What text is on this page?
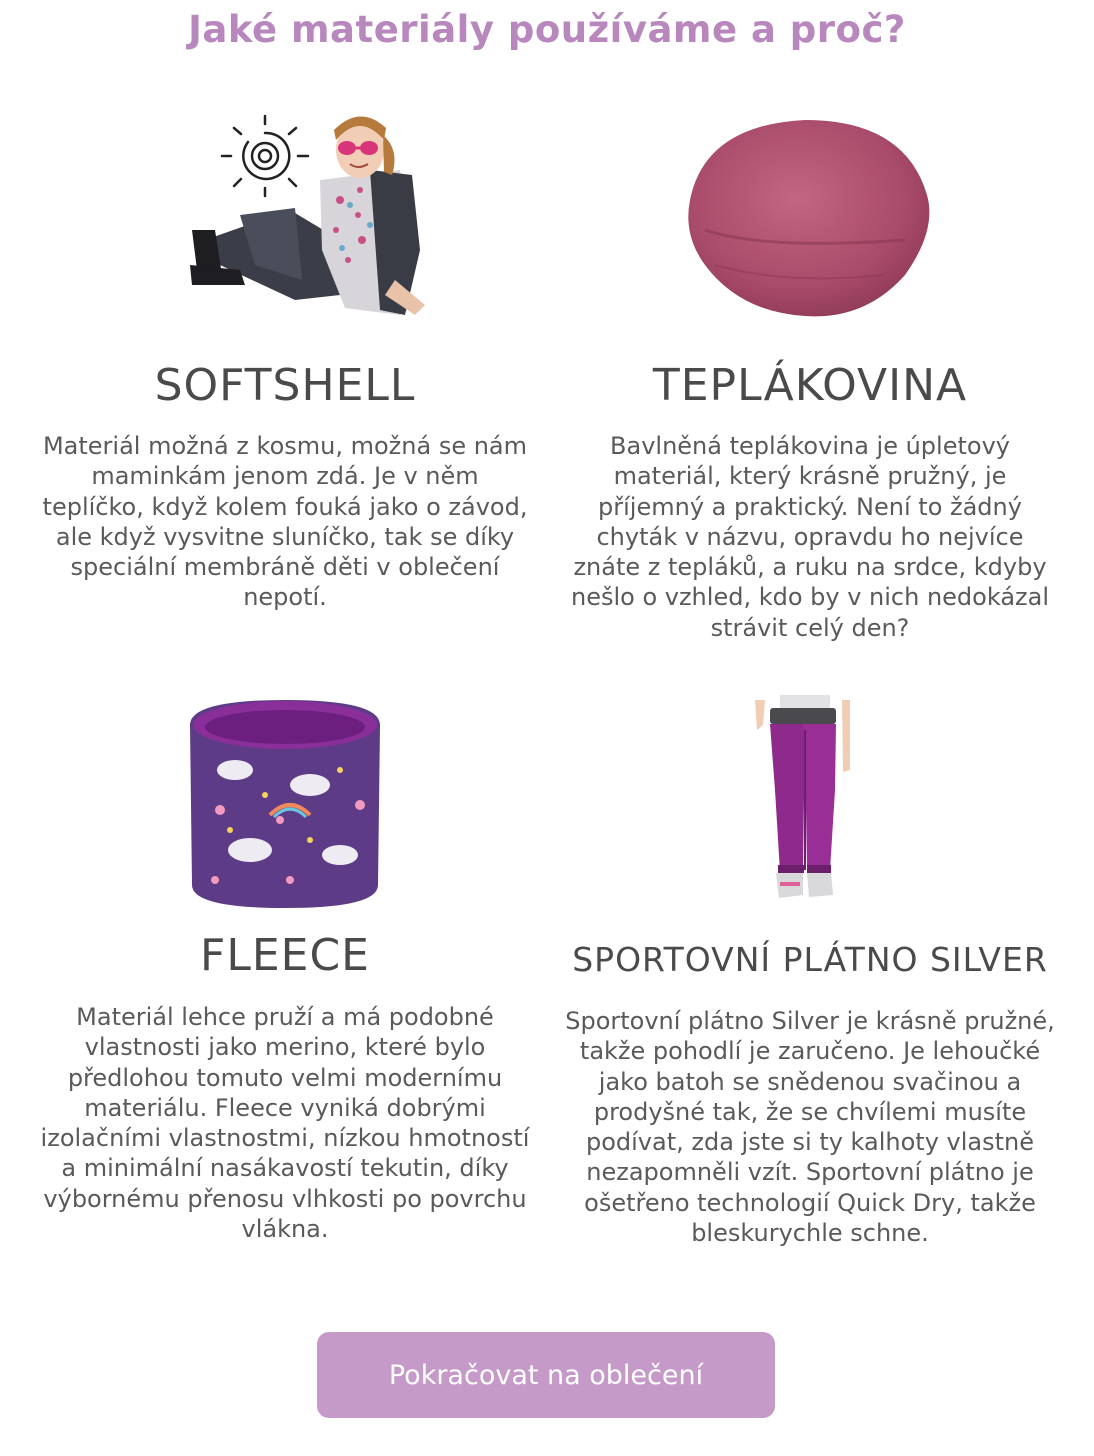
Jaké materiály používáme a proč?
SOFTSHELL

Materiál možná z kosmu, možná se nám maminkám jenom zdá. Je v něm teplíčko, když kolem fouká jako o závod, ale když vysvitne sluníčko, tak se díky speciální membráně děti v oblečení nepotí.

TEPLÁKOVINA

Bavlněná teplákovina je úpletový materiál, který krásně pružný, je příjemný a praktický. Není to žádný chyták v názvu, opravdu ho nejvíce znáte z tepláků, a ruku na srdce, kdyby nešlo o vzhled, kdo by v nich nedokázal strávit celý den?

FLEECE

Materiál lehce pruží a má podobné vlastnosti jako merino, které bylo předlohou tomuto velmi modernímu materiálu. Fleece vyniká dobrými izolačními vlastnostmi, nízkou hmotností a minimální nasákavostí tekutin, díky výbornému přenosu vlhkosti po povrchu vlákna.

SPORTOVNÍ PLÁTNO SILVER

Sportovní plátno Silver je krásně pružné, takže pohodlí je zaručeno. Je lehoučké jako batoh se snědenou svačinou a prodyšné tak, že se chvílemi musíte podívat, zda jste si ty kalhoty vlastně nezapomněli vzít. Sportovní plátno je ošetřeno technologií Quick Dry, takže bleskurychle schne.

Pokračovat na oblečení
